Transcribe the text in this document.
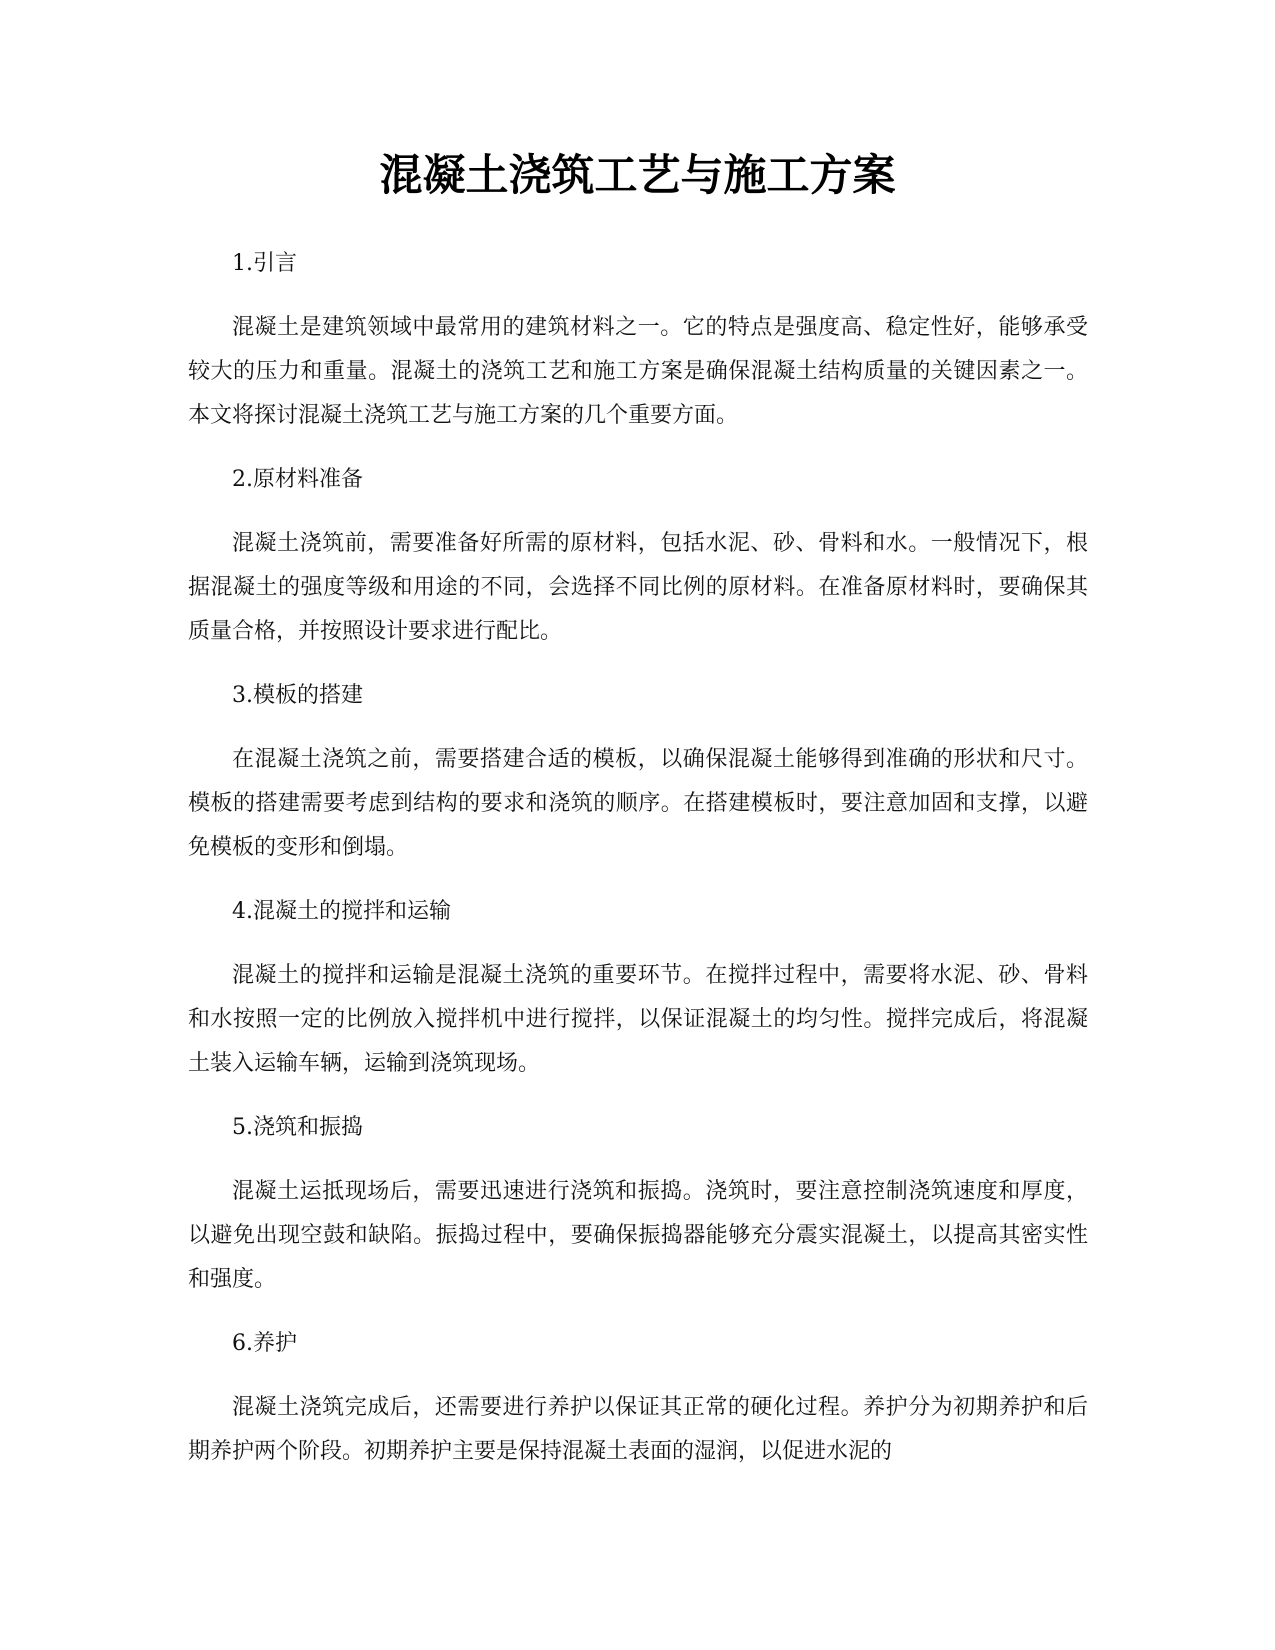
混凝土浇筑工艺与施工方案

1.引言

混凝土是建筑领域中最常用的建筑材料之一。它的特点是强度高、稳定性好，能够承受较大的压力和重量。混凝土的浇筑工艺和施工方案是确保混凝土结构质量的关键因素之一。本文将探讨混凝土浇筑工艺与施工方案的几个重要方面。

2.原材料准备

混凝土浇筑前，需要准备好所需的原材料，包括水泥、砂、骨料和水。一般情况下，根据混凝土的强度等级和用途的不同，会选择不同比例的原材料。在准备原材料时，要确保其质量合格，并按照设计要求进行配比。

3.模板的搭建

在混凝土浇筑之前，需要搭建合适的模板，以确保混凝土能够得到准确的形状和尺寸。模板的搭建需要考虑到结构的要求和浇筑的顺序。在搭建模板时，要注意加固和支撑，以避免模板的变形和倒塌。

4.混凝土的搅拌和运输

混凝土的搅拌和运输是混凝土浇筑的重要环节。在搅拌过程中，需要将水泥、砂、骨料和水按照一定的比例放入搅拌机中进行搅拌，以保证混凝土的均匀性。搅拌完成后，将混凝土装入运输车辆，运输到浇筑现场。

5.浇筑和振捣

混凝土运抵现场后，需要迅速进行浇筑和振捣。浇筑时，要注意控制浇筑速度和厚度，以避免出现空鼓和缺陷。振捣过程中，要确保振捣器能够充分震实混凝土，以提高其密实性和强度。

6.养护

混凝土浇筑完成后，还需要进行养护以保证其正常的硬化过程。养护分为初期养护和后期养护两个阶段。初期养护主要是保持混凝土表面的湿润，以促进水泥的
